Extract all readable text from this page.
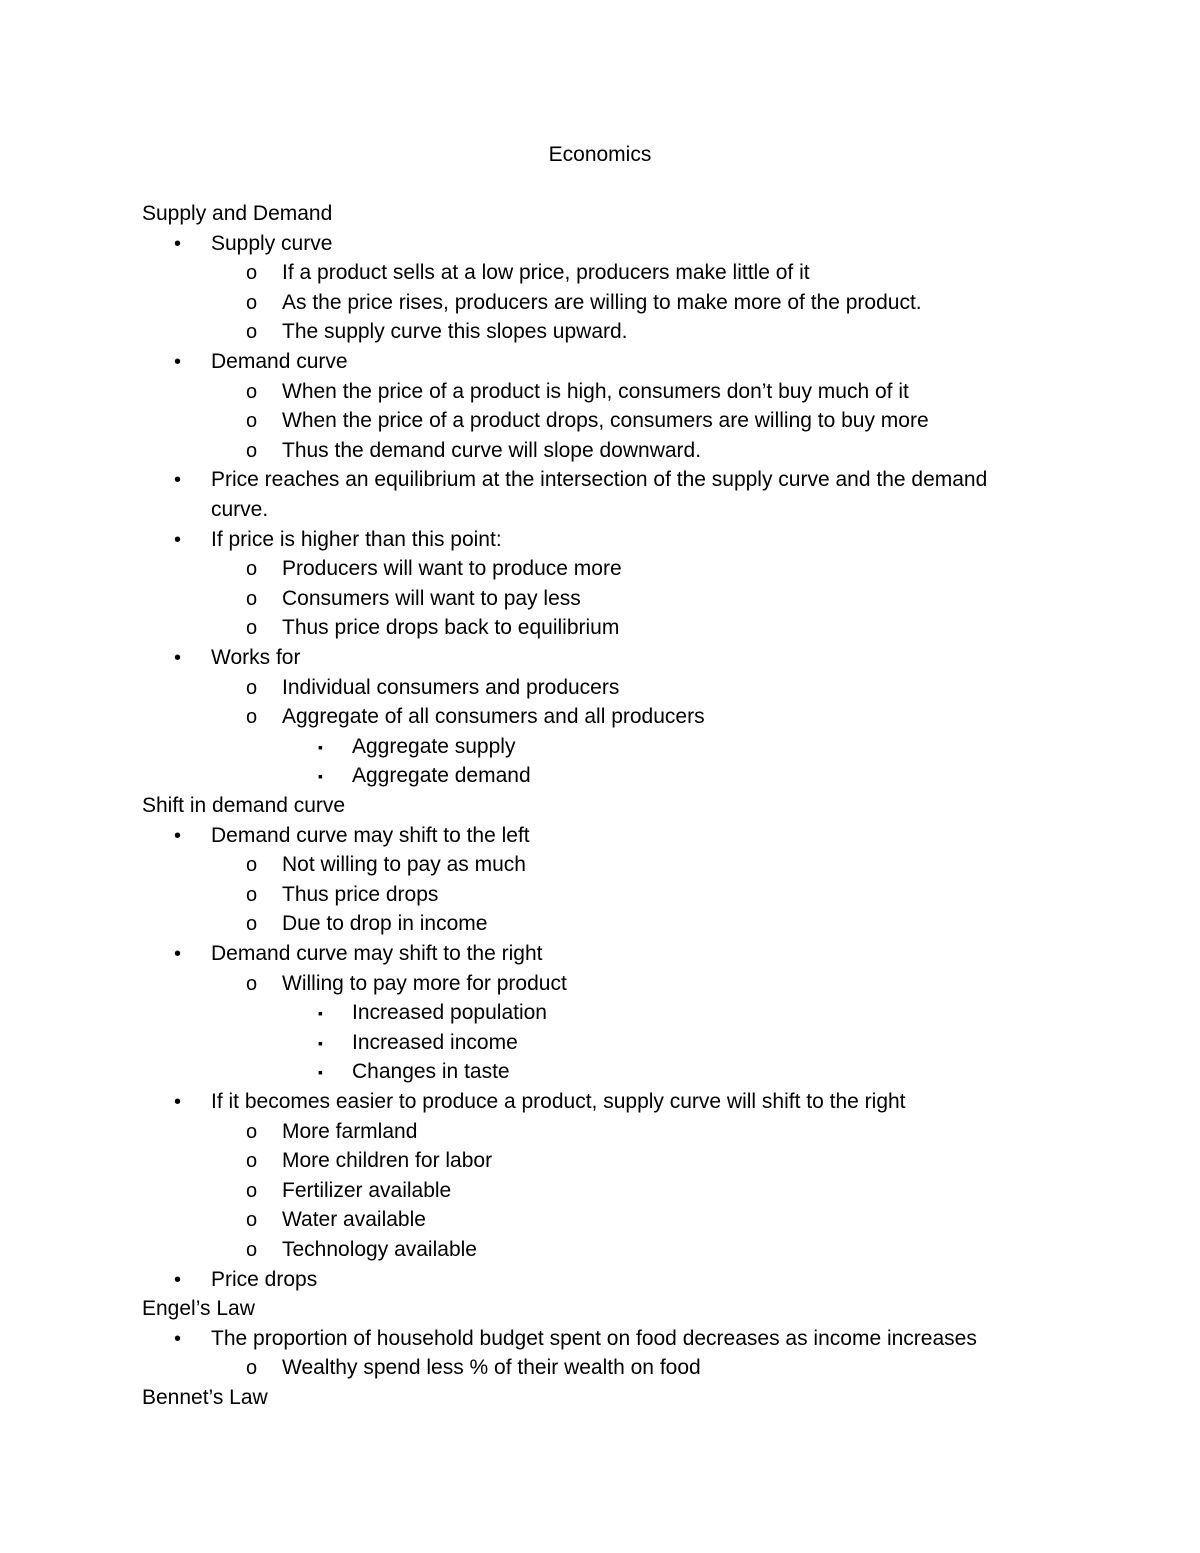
Economics
Supply and Demand
• Supply curve
o If a product sells at a low price, producers make little of it
o As the price rises, producers are willing to make more of the product.
o The supply curve this slopes upward.
• Demand curve
o When the price of a product is high, consumers don’t buy much of it
o When the price of a product drops, consumers are willing to buy more
o Thus the demand curve will slope downward.
• Price reaches an equilibrium at the intersection of the supply curve and the demand
curve.
• If price is higher than this point:
o Producers will want to produce more
o Consumers will want to pay less
o Thus price drops back to equilibrium
• Works for
o Individual consumers and producers
o Aggregate of all consumers and all producers
▪ Aggregate supply
▪ Aggregate demand
Shift in demand curve
• Demand curve may shift to the left
o Not willing to pay as much
o Thus price drops
o Due to drop in income
• Demand curve may shift to the right
o Willing to pay more for product
▪ Increased population
▪ Increased income
▪ Changes in taste
• If it becomes easier to produce a product, supply curve will shift to the right
o More farmland
o More children for labor
o Fertilizer available
o Water available
o Technology available
• Price drops
Engel’s Law
• The proportion of household budget spent on food decreases as income increases
o Wealthy spend less % of their wealth on food
Bennet’s Law
